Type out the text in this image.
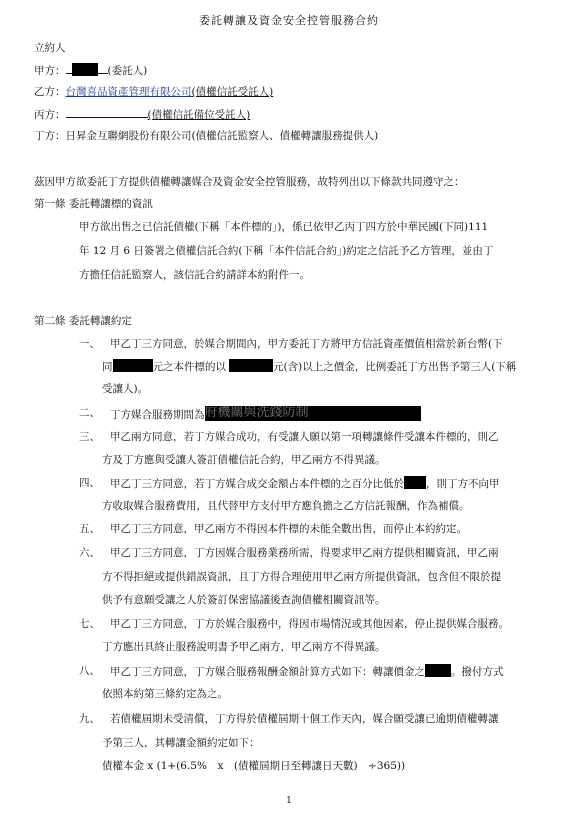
委託轉讓及資金安全控管服務合約
立約人
甲方：	(委託人)
乙方：台灣喜品資產管理有限公司(債權信託受託人)
丙方：	(債權信託備位受託人)
丁方：日昇金互聯網股份有限公司(債權信託監察人、債權轉讓服務提供人)
茲因甲方欲委託丁方提供債權轉讓媒合及資金安全控管服務，故特列出以下條款共同遵守之：
第一條 委託轉讓標的資訊
甲方欲出售之已信託債權(下稱「本件標的」)，係已依甲乙丙丁四方於中華民國(下同)111
年 12 月 6 日簽署之債權信託合約(下稱「本件信託合約」)約定之信託予乙方管理，並由丁
方擔任信託監察人，該信託合約請詳本約附件一。
第二條 委託轉讓約定
一、 甲乙丁三方同意，於媒合期間內，甲方委託丁方將甲方信託資產價值相當於新台幣(下
同	元之本件標的以	元(含)以上之價金，比例委託丁方出售予第三人(下稱
受讓人)。
二、 丁方媒合服務期間為府機關與洗錢防制
三、 甲乙兩方同意，若丁方媒合成功，有受讓人願以第一項轉讓條件受讓本件標的，則乙
方及丁方應與受讓人簽訂債權信託合約，甲乙兩方不得異議。
四、 甲乙丁三方同意，若丁方媒合成交金額占本件標的之百分比低於 ，則丁方不向甲
方收取媒合服務費用，且代替甲方支付甲方應負擔之乙方信託報酬，作為補償。
五、 甲乙丁三方同意，甲乙兩方不得因本件標的未能全數出售，而停止本約約定。
六、 甲乙丁三方同意，丁方因媒合服務業務所需，得要求甲乙兩方提供相關資訊，甲乙兩
方不得拒絕或提供錯誤資訊，且丁方得合理使用甲乙兩方所提供資訊，包含但不限於提
供予有意願受讓之人於簽訂保密協議後查詢債權相關資訊等。
七、 甲乙丁三方同意，丁方於媒合服務中，得因市場情況或其他因素，停止提供媒合服務。
丁方應出具終止服務說明書予甲乙兩方，甲乙兩方不得異議。
八、 甲乙丁三方同意，丁方媒合服務報酬金額計算方式如下：轉讓價金之 。撥付方式
依照本約第三條約定為之。
九、 若債權屆期未受清償，丁方得於債權屆期十個工作天內，媒合願受讓已逾期債權轉讓
予第三人，其轉讓金額約定如下：
債權本金 x (1+(6.5%　x　(債權屆期日至轉讓日天數)　÷365))
1
